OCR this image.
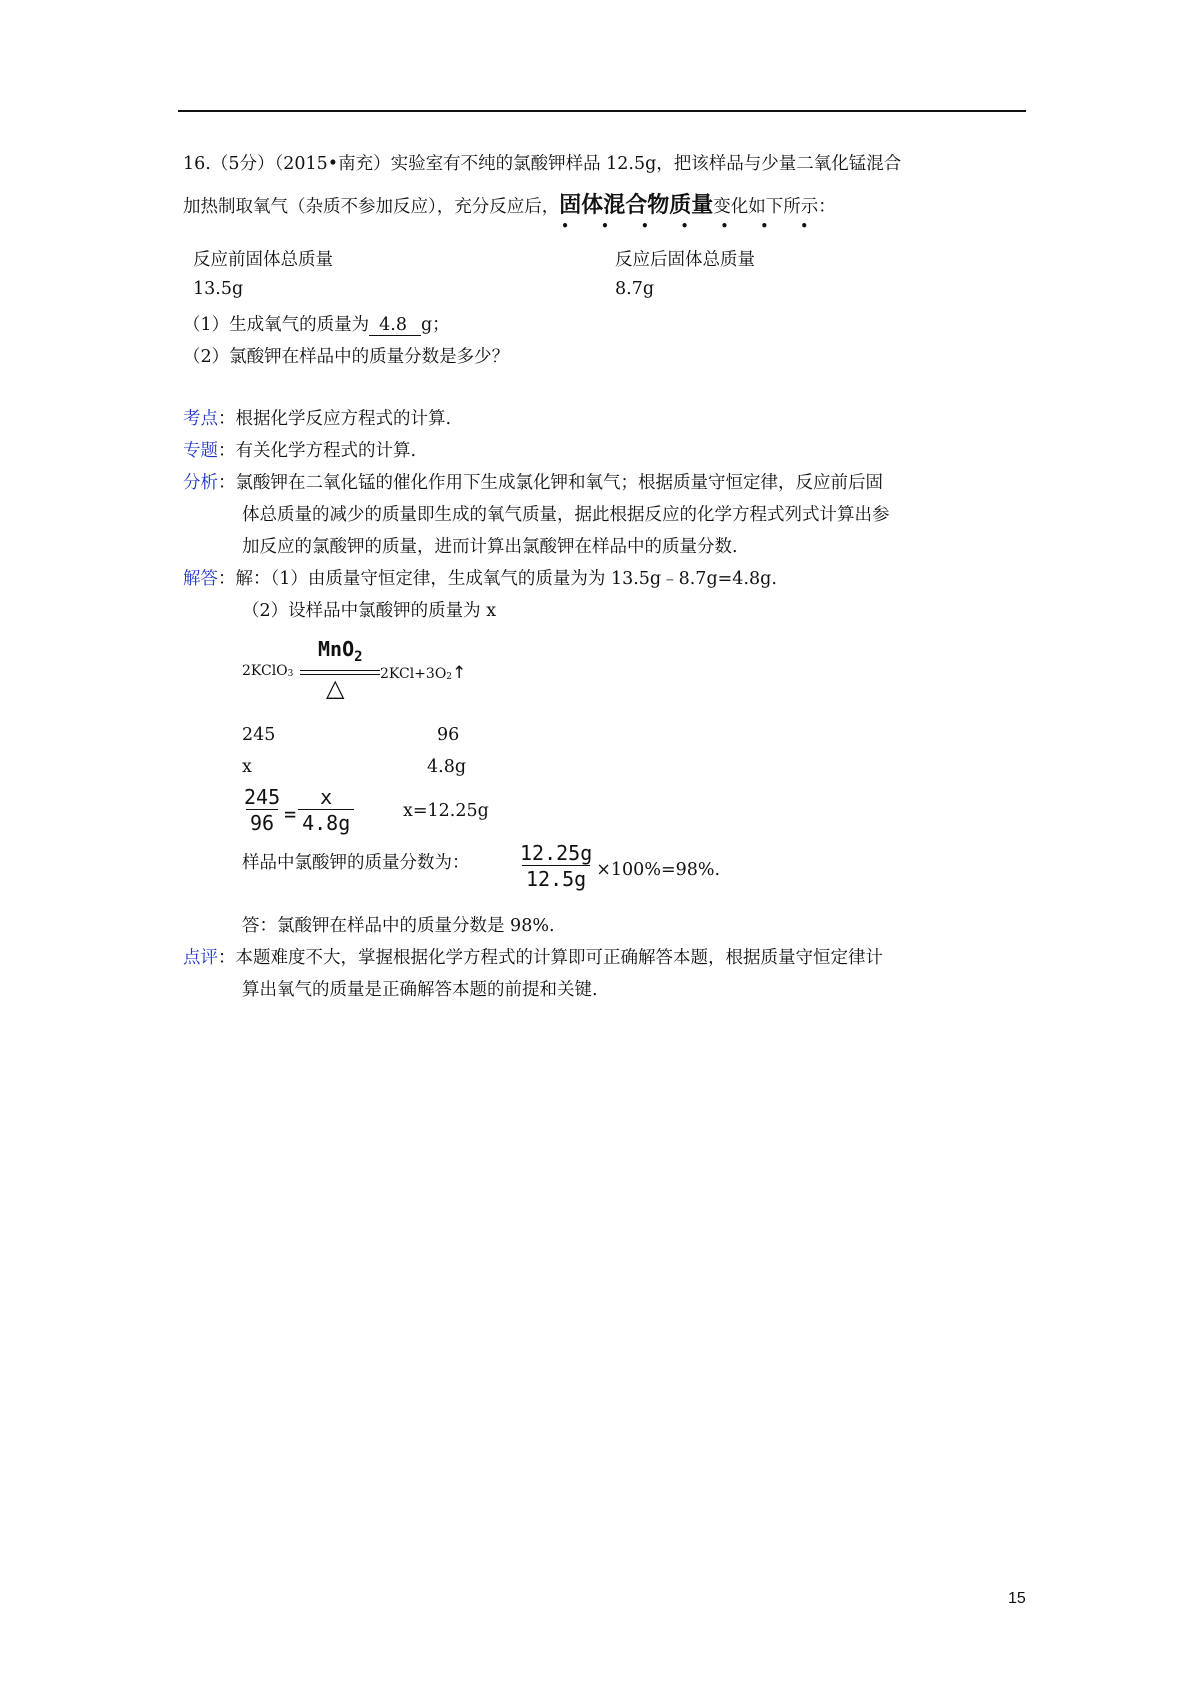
16.（5分）（2015•南充）实验室有不纯的氯酸钾样品 12.5g，把该样品与少量二氧化锰混合
加热制取氧气（杂质不参加反应），充分反应后，固体混合物质量
• • • • • • •
变化如下所示：
反应前固体总质量	反应后固体总质量
13.5g	8.7g
（1）生成氧气的质量为 4.8 g；
（2）氯酸钾在样品中的质量分数是多少？
考点：根据化学反应方程式的计算.
专题：有关化学方程式的计算.
分析：氯酸钾在二氧化锰的催化作用下生成氯化钾和氧气；根据质量守恒定律，反应前后固
体总质量的减少的质量即生成的氧气质量，据此根据反应的化学方程式列式计算出参
加反应的氯酸钾的质量，进而计算出氯酸钾在样品中的质量分数.
解答：解：（1）由质量守恒定律，生成氧气的质量为为 13.5g﹣8.7g=4.8g.
（2）设样品中氯酸钾的质量为 x
MnO$_2$
2KClO3 △	2KCl+3O2↑
245	96
x	4.8g
$\frac{245}{96} = \frac{x}{4.8g}$	x=12.25g
样品中氯酸钾的质量分数为： $\frac{12.25g}{12.5g} \times 100\%=98\%$.
答：氯酸钾在样品中的质量分数是 98%.
点评：本题难度不大，掌握根据化学方程式的计算即可正确解答本题，根据质量守恒定律计
算出氧气的质量是正确解答本题的前提和关键.
15
